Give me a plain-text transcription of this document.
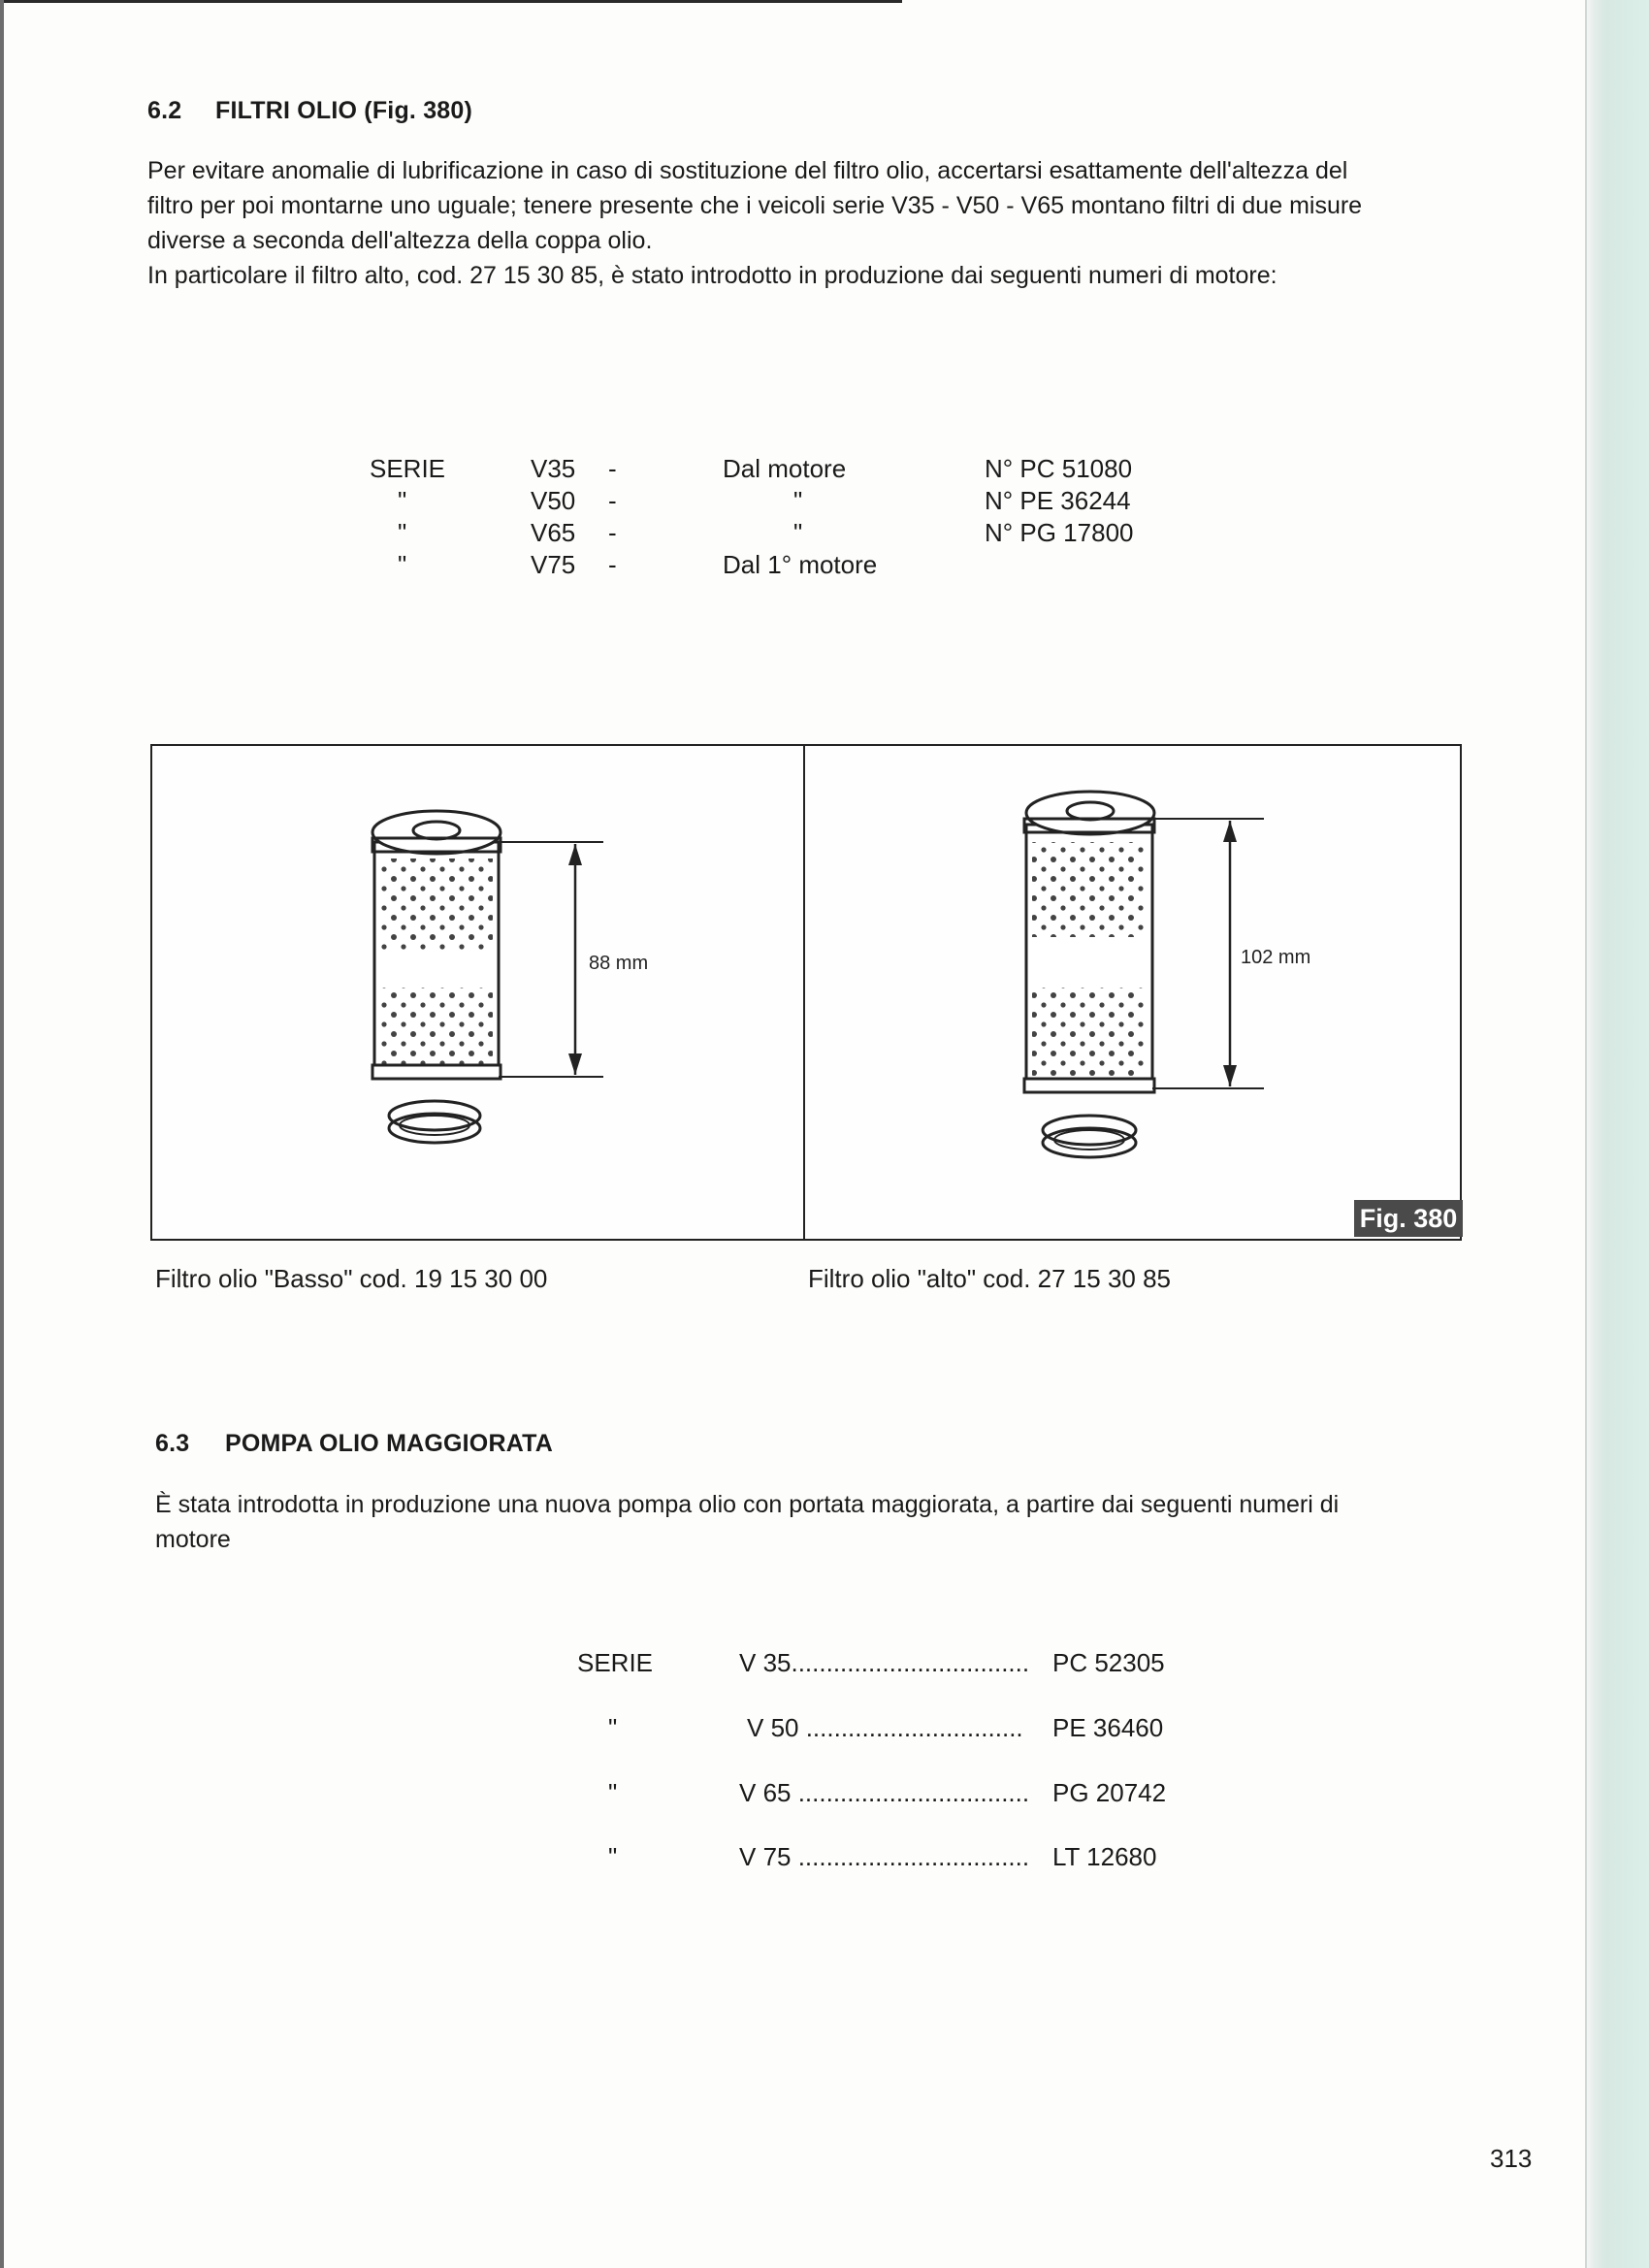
6.2 FILTRI OLIO (Fig. 380)

Per evitare anomalie di lubrificazione in caso di sostituzione del filtro olio, accertarsi esattamente dell'altezza del

filtro per poi montarne uno uguale; tenere presente che i veicoli serie V35 - V50 - V65 montano filtri di due misure

diverse a seconda dell'altezza della coppa olio.

In particolare il filtro alto, cod. 27 15 30 85, è stato introdotto in produzione dai seguenti numeri di motore:

SERIE	V35 -	Dal motore	N° PC 51080
"	V50 -	"	N° PE 36244
"	V65 -	"	N° PG 17800
"	V75 -	Dal 1° motore
88 mm	102 mm
Fig. 380
Filtro olio "Basso" cod. 19 15 30 00	Filtro olio "alto" cod. 27 15 30 85
6.3 POMPA OLIO MAGGIORATA

È stata introdotta in produzione una nuova pompa olio con portata maggiorata, a partire dai seguenti numeri di

motore

SERIE	V 35.................................. PC 52305
"	V 50 ............................... PE 36460
"	V 65 ................................. PG 20742
"	V 75 ................................. LT 12680
313
